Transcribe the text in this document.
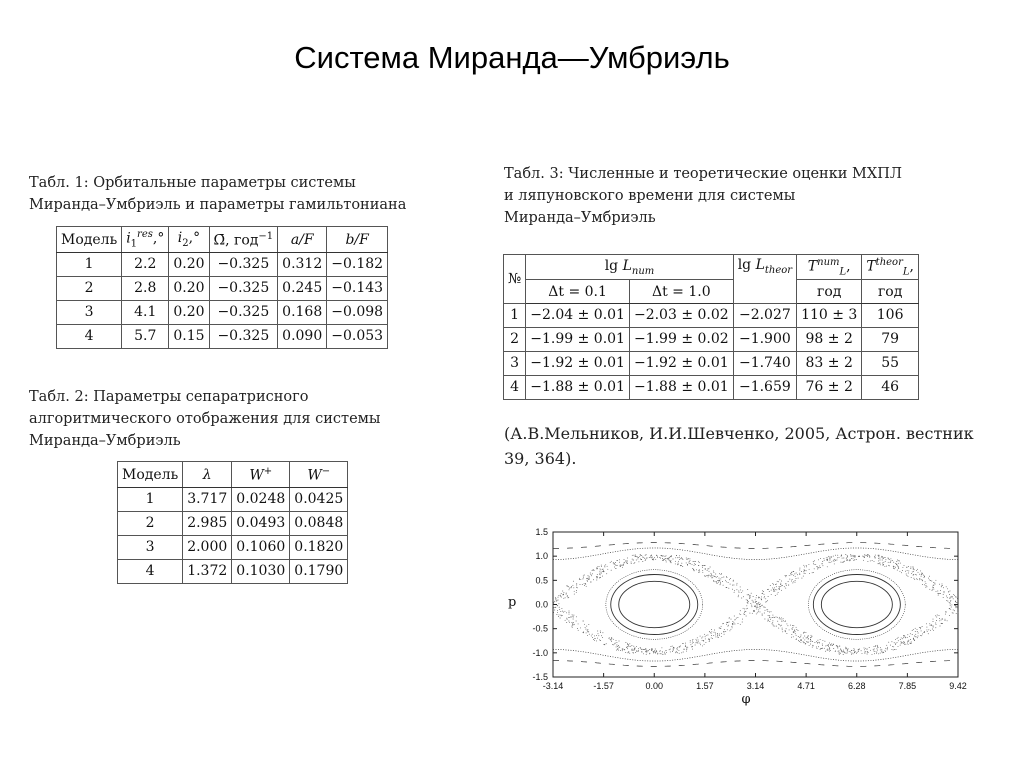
Система Миранда—Умбриэль
Табл. 1: Орбитальные параметры системы
Миранда–Умбриэль и параметры гамильтониана
Модель	$i_1^{res},^\circ$	$i_2,^\circ$	Ω̄, год$^{-1}$	a/F	b/F
1	2.2	0.20	−0.325	0.312	−0.182
2	2.8	0.20	−0.325	0.245	−0.143
3	4.1	0.20	−0.325	0.168	−0.098
4	5.7	0.15	−0.325	0.090	−0.053
Табл. 2: Параметры сепаратрисного
алгоритмического отображения для системы
Миранда–Умбриэль
Модель	λ	W+	W−
1	3.717	0.0248	0.0425
2	2.985	0.0493	0.0848
3	2.000	0.1060	0.1820
4	1.372	0.1030	0.1790
Табл. 3: Численные и теоретические оценки МХПЛ
и ляпуновского времени для системы
Миранда–Умбриэль
№	$\lg L_{num}$		$\lg L_{theor}$	$T^{num}_L$,	$T^{theor}_L$,
	Δt = 0.1	Δt = 1.0		год	год
1	−2.04 ± 0.01	−2.03 ± 0.02	−2.027	110 ± 3	106
2	−1.99 ± 0.01	−1.99 ± 0.02	−1.900	98 ± 2	79
3	−1.92 ± 0.01	−1.92 ± 0.01	−1.740	83 ± 2	55
4	−1.88 ± 0.01	−1.88 ± 0.01	−1.659	76 ± 2	46
(А.В.Мельников, И.И.Шевченко, 2005, Астрон. вестник
39, 364).
-3.14	-1.57	0.00	1.57	3.14	4.71	6.28	7.85	9.42
1.5
1.0
0.5
0.0
-0.5
-1.0
-1.5
p
φ
